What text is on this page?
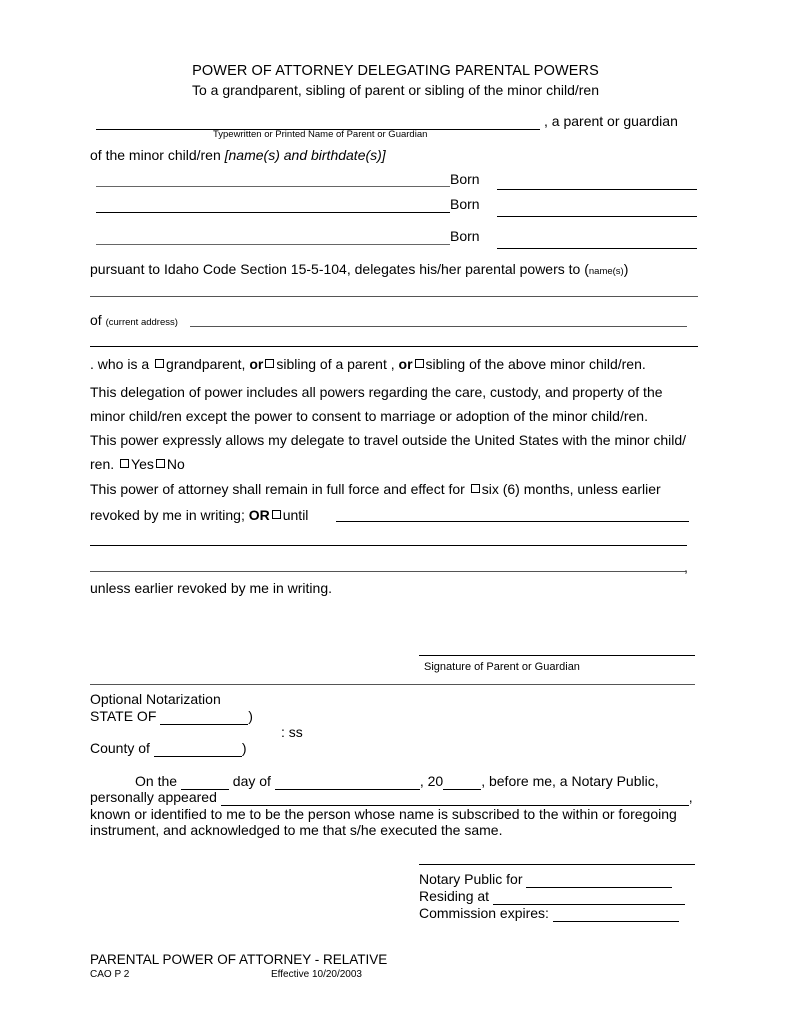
POWER OF ATTORNEY DELEGATING PARENTAL POWERS
To a grandparent, sibling of parent or sibling of the minor child/ren
, a parent or guardian
Typewritten or Printed Name of Parent or Guardian
of the minor child/ren [name(s) and birthdate(s)]
Born
Born
Born
pursuant to Idaho Code Section 15-5-104, delegates his/her parental powers to (name(s))
of (current address)
. who is a grandparent, or sibling of a parent , or sibling of the above minor child/ren.
This delegation of power includes all powers regarding the care, custody, and property of the
minor child/ren except the power to consent to marriage or adoption of the minor child/ren.
This power expressly allows my delegate to travel outside the United States with the minor child/
ren. Yes No
This power of attorney shall remain in full force and effect for six (6) months, unless earlier
revoked by me in writing; OR until
,
unless earlier revoked by me in writing.
Signature of Parent or Guardian
Optional Notarization
STATE OF	)
: ss
County of	)
On the	day of	, 20	, before me, a Notary Public,
personally appeared	,
known or identified to me to be the person whose name is subscribed to the within or foregoing
instrument, and acknowledged to me that s/he executed the same.
Notary Public for
Residing at
Commission expires:
PARENTAL POWER OF ATTORNEY - RELATIVE
CAO P 2	Effective 10/20/2003
